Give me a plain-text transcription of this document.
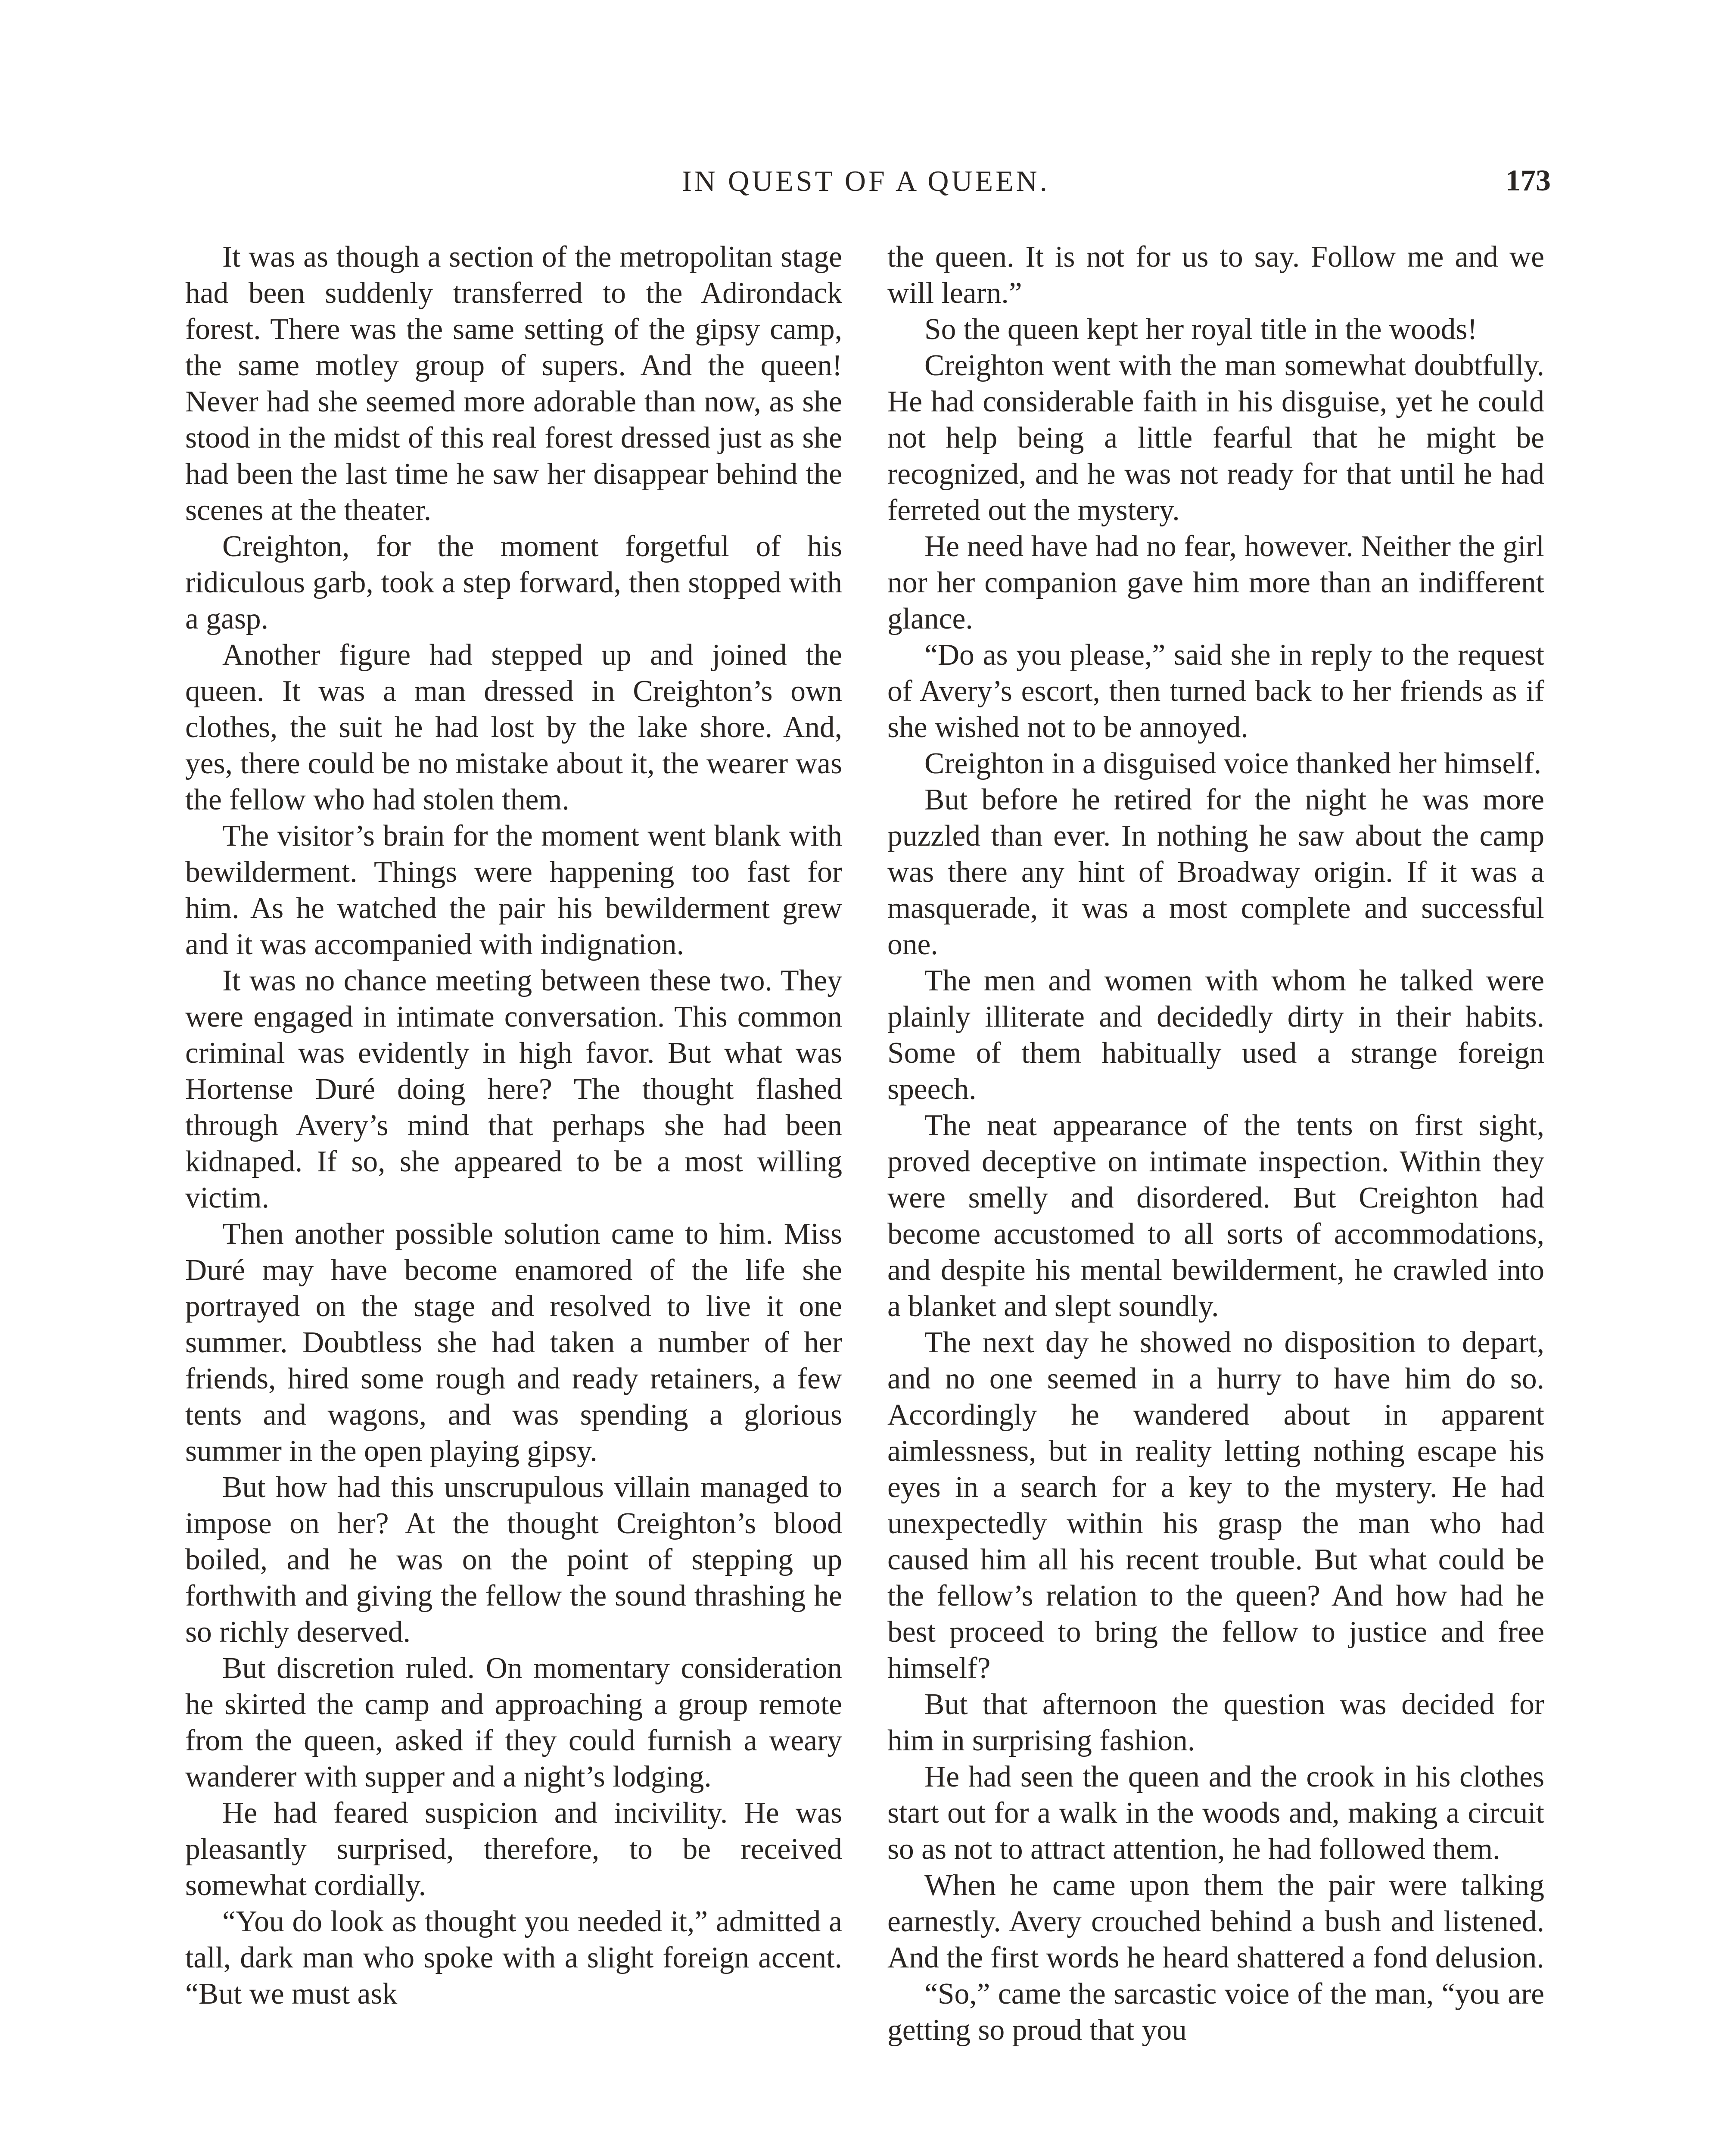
IN QUEST OF A QUEEN.	173

It was as though a section of the metropolitan stage had been suddenly transferred to the Adirondack forest. There was the same setting of the gipsy camp, the same motley group of supers. And the queen! Never had she seemed more adorable than now, as she stood in the midst of this real forest dressed just as she had been the last time he saw her disappear behind the scenes at the theater.

Creighton, for the moment forgetful of his ridiculous garb, took a step forward, then stopped with a gasp.

Another figure had stepped up and joined the queen. It was a man dressed in Creighton’s own clothes, the suit he had lost by the lake shore. And, yes, there could be no mistake about it, the wearer was the fellow who had stolen them.

The visitor’s brain for the moment went blank with bewilderment. Things were happening too fast for him. As he watched the pair his bewilderment grew and it was accompanied with indignation.

It was no chance meeting between these two. They were engaged in intimate conversation. This common criminal was evidently in high favor. But what was Hortense Duré doing here? The thought flashed through Avery’s mind that perhaps she had been kidnaped. If so, she appeared to be a most willing victim.

Then another possible solution came to him. Miss Duré may have become enamored of the life she portrayed on the stage and resolved to live it one summer. Doubtless she had taken a number of her friends, hired some rough and ready retainers, a few tents and wagons, and was spending a glorious summer in the open playing gipsy.

But how had this unscrupulous villain managed to impose on her? At the thought Creighton’s blood boiled, and he was on the point of stepping up forthwith and giving the fellow the sound thrashing he so richly deserved.

But discretion ruled. On momentary consideration he skirted the camp and approaching a group remote from the queen, asked if they could furnish a weary wanderer with supper and a night’s lodging.

He had feared suspicion and incivility. He was pleasantly surprised, therefore, to be received somewhat cordially.

“You do look as thought you needed it,” admitted a tall, dark man who spoke with a slight foreign accent. “But we must ask

the queen. It is not for us to say. Follow me and we will learn.”

So the queen kept her royal title in the woods!

Creighton went with the man somewhat doubtfully. He had considerable faith in his disguise, yet he could not help being a little fearful that he might be recognized, and he was not ready for that until he had ferreted out the mystery.

He need have had no fear, however. Neither the girl nor her companion gave him more than an indifferent glance.

“Do as you please,” said she in reply to the request of Avery’s escort, then turned back to her friends as if she wished not to be annoyed.

Creighton in a disguised voice thanked her himself.

But before he retired for the night he was more puzzled than ever. In nothing he saw about the camp was there any hint of Broadway origin. If it was a masquerade, it was a most complete and successful one.

The men and women with whom he talked were plainly illiterate and decidedly dirty in their habits. Some of them habitually used a strange foreign speech.

The neat appearance of the tents on first sight, proved deceptive on intimate inspection. Within they were smelly and disordered. But Creighton had become accustomed to all sorts of accommodations, and despite his mental bewilderment, he crawled into a blanket and slept soundly.

The next day he showed no disposition to depart, and no one seemed in a hurry to have him do so. Accordingly he wandered about in apparent aimlessness, but in reality letting nothing escape his eyes in a search for a key to the mystery. He had unexpectedly within his grasp the man who had caused him all his recent trouble. But what could be the fellow’s relation to the queen? And how had he best proceed to bring the fellow to justice and free himself?

But that afternoon the question was decided for him in surprising fashion.

He had seen the queen and the crook in his clothes start out for a walk in the woods and, making a circuit so as not to attract attention, he had followed them.

When he came upon them the pair were talking earnestly. Avery crouched behind a bush and listened. And the first words he heard shattered a fond delusion.

“So,” came the sarcastic voice of the man, “you are getting so proud that you
